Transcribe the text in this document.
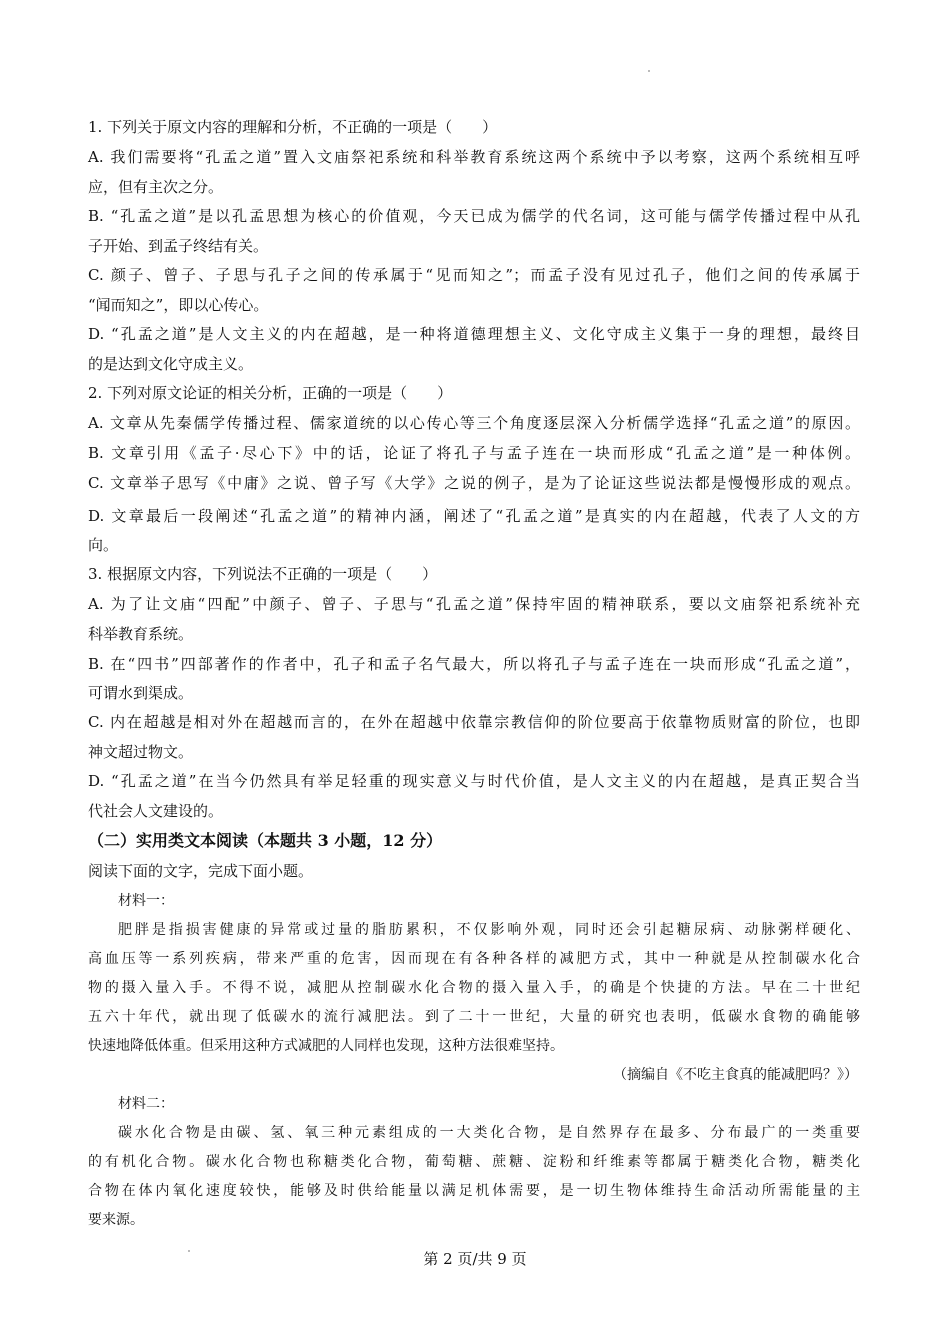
1. 下列关于原文内容的理解和分析，不正确的一项是（　　）
A. 我们需要将“孔孟之道”置入文庙祭祀系统和科举教育系统这两个系统中予以考察，这两个系统相互呼
应，但有主次之分。
B. “孔孟之道”是以孔孟思想为核心的价值观，今天已成为儒学的代名词，这可能与儒学传播过程中从孔
子开始、到孟子终结有关。
C. 颜子、曾子、子思与孔子之间的传承属于“见而知之”；而孟子没有见过孔子，他们之间的传承属于
“闻而知之”，即以心传心。
D. “孔孟之道”是人文主义的内在超越，是一种将道德理想主义、文化守成主义集于一身的理想，最终目
的是达到文化守成主义。
2. 下列对原文论证的相关分析，正确的一项是（　　）
A. 文章从先秦儒学传播过程、儒家道统的以心传心等三个角度逐层深入分析儒学选择“孔孟之道”的原因。
B. 文章引用《孟子·尽心下》中的话，论证了将孔子与孟子连在一块而形成“孔孟之道”是一种体例。
C. 文章举子思写《中庸》之说、曾子写《大学》之说的例子，是为了论证这些说法都是慢慢形成的观点。
D. 文章最后一段阐述“孔孟之道”的精神内涵，阐述了“孔孟之道”是真实的内在超越，代表了人文的方
向。
3. 根据原文内容，下列说法不正确的一项是（　　）
A. 为了让文庙“四配”中颜子、曾子、子思与“孔孟之道”保持牢固的精神联系，要以文庙祭祀系统补充
科举教育系统。
B. 在“四书”四部著作的作者中，孔子和孟子名气最大，所以将孔子与孟子连在一块而形成“孔孟之道”，
可谓水到渠成。
C. 内在超越是相对外在超越而言的，在外在超越中依靠宗教信仰的阶位要高于依靠物质财富的阶位，也即
神文超过物文。
D. “孔孟之道”在当今仍然具有举足轻重的现实意义与时代价值，是人文主义的内在超越，是真正契合当
代社会人文建设的。
（二）实用类文本阅读（本题共 3 小题，12 分）
阅读下面的文字，完成下面小题。
材料一：
肥胖是指损害健康的异常或过量的脂肪累积，不仅影响外观，同时还会引起糖尿病、动脉粥样硬化、
高血压等一系列疾病，带来严重的危害，因而现在有各种各样的减肥方式，其中一种就是从控制碳水化合
物的摄入量入手。不得不说，减肥从控制碳水化合物的摄入量入手，的确是个快捷的方法。早在二十世纪
五六十年代，就出现了低碳水的流行减肥法。到了二十一世纪，大量的研究也表明，低碳水食物的确能够
快速地降低体重。但采用这种方式减肥的人同样也发现，这种方法很难坚持。
（摘编自《不吃主食真的能减肥吗？》）
材料二：
碳水化合物是由碳、氢、氧三种元素组成的一大类化合物，是自然界存在最多、分布最广的一类重要
的有机化合物。碳水化合物也称糖类化合物，葡萄糖、蔗糖、淀粉和纤维素等都属于糖类化合物，糖类化
合物在体内氧化速度较快，能够及时供给能量以满足机体需要，是一切生物体维持生命活动所需能量的主
要来源。
第 2 页/共 9 页
